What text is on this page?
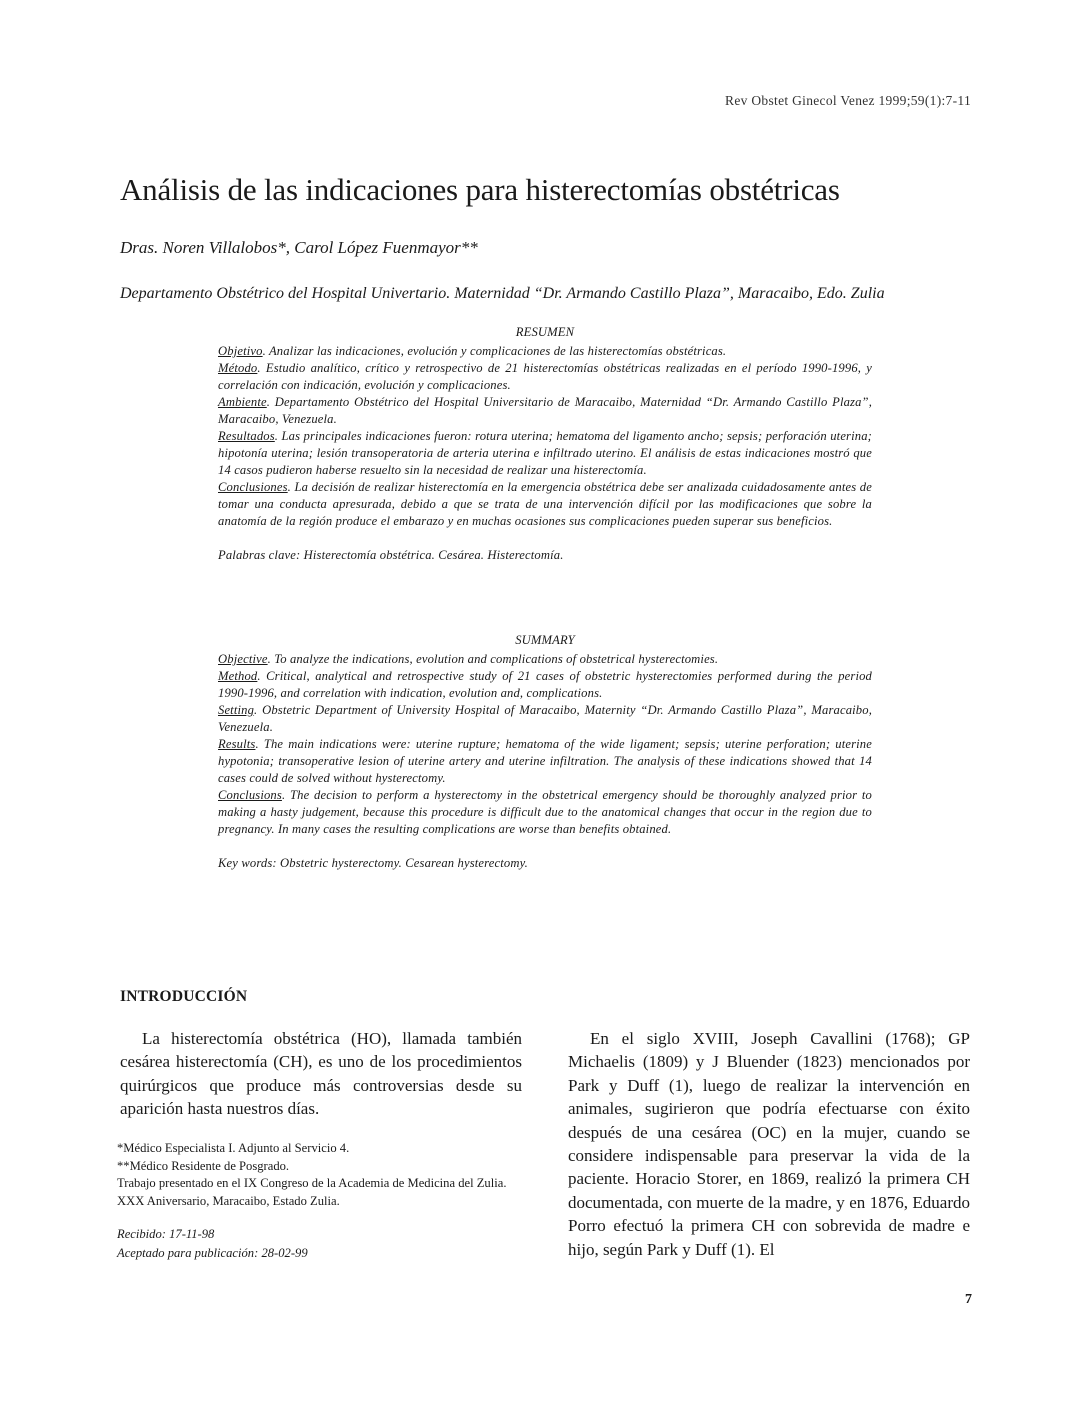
Rev Obstet Ginecol Venez 1999;59(1):7-11
Análisis de las indicaciones para histerectomías obstétricas
Dras. Noren Villalobos*, Carol López Fuenmayor**
Departamento Obstétrico del Hospital Univertario. Maternidad “Dr. Armando Castillo Plaza”, Maracaibo, Edo. Zulia

RESUMEN

Objetivo. Analizar las indicaciones, evolución y complicaciones de las histerectomías obstétricas.

Método. Estudio analítico, crítico y retrospectivo de 21 histerectomías obstétricas realizadas en el período 1990-1996, y correlación con indicación, evolución y complicaciones.

Ambiente. Departamento Obstétrico del Hospital Universitario de Maracaibo, Maternidad “Dr. Armando Castillo Plaza”, Maracaibo, Venezuela.

Resultados. Las principales indicaciones fueron: rotura uterina; hematoma del ligamento ancho; sepsis; perforación uterina; hipotonía uterina; lesión transoperatoria de arteria uterina e infiltrado uterino. El análisis de estas indicaciones mostró que 14 casos pudieron haberse resuelto sin la necesidad de realizar una histerectomía.

Conclusiones. La decisión de realizar histerectomía en la emergencia obstétrica debe ser analizada cuidadosamente antes de tomar una conducta apresurada, debido a que se trata de una intervención difícil por las modificaciones que sobre la anatomía de la región produce el embarazo y en muchas ocasiones sus complicaciones pueden superar sus beneficios.

Palabras clave: Histerectomía obstétrica. Cesárea. Histerectomía.

SUMMARY

Objective. To analyze the indications, evolution and complications of obstetrical hysterectomies.

Method. Critical, analytical and retrospective study of 21 cases of obstetric hysterectomies performed during the period 1990-1996, and correlation with indication, evolution and, complications.

Setting. Obstetric Department of University Hospital of Maracaibo, Maternity “Dr. Armando Castillo Plaza”, Maracaibo, Venezuela.

Results. The main indications were: uterine rupture; hematoma of the wide ligament; sepsis; uterine perforation; uterine hypotonia; transoperative lesion of uterine artery and uterine infiltration. The analysis of these indications showed that 14 cases could de solved without hysterectomy.

Conclusions. The decision to perform a hysterectomy in the obstetrical emergency should be thoroughly analyzed prior to making a hasty judgement, because this procedure is difficult due to the anatomical changes that occur in the region due to pregnancy. In many cases the resulting complications are worse than benefits obtained.

Key words: Obstetric hysterectomy. Cesarean hysterectomy.

INTRODUCCIÓN

La histerectomía obstétrica (HO), llamada también cesárea histerectomía (CH), es uno de los procedimientos quirúrgicos que produce más controversias desde su aparición hasta nuestros días.

En el siglo XVIII, Joseph Cavallini (1768); GP Michaelis (1809) y J Bluender (1823) mencionados por Park y Duff (1), luego de realizar la intervención en animales, sugirieron que podría efectuarse con éxito después de una cesárea (OC) en la mujer, cuando se considere indispensable para preservar la vida de la paciente. Horacio Storer, en 1869, realizó la primera CH documentada, con muerte de la madre, y en 1876, Eduardo Porro efectuó la primera CH con sobrevida de madre e hijo, según Park y Duff (1). El

*Médico Especialista I. Adjunto al Servicio 4.

**Médico Residente de Posgrado.

Trabajo presentado en el IX Congreso de la Academia de Medicina del Zulia. XXX Aniversario, Maracaibo, Estado Zulia.

Recibido: 17-11-98

Aceptado para publicación: 28-02-99

7
